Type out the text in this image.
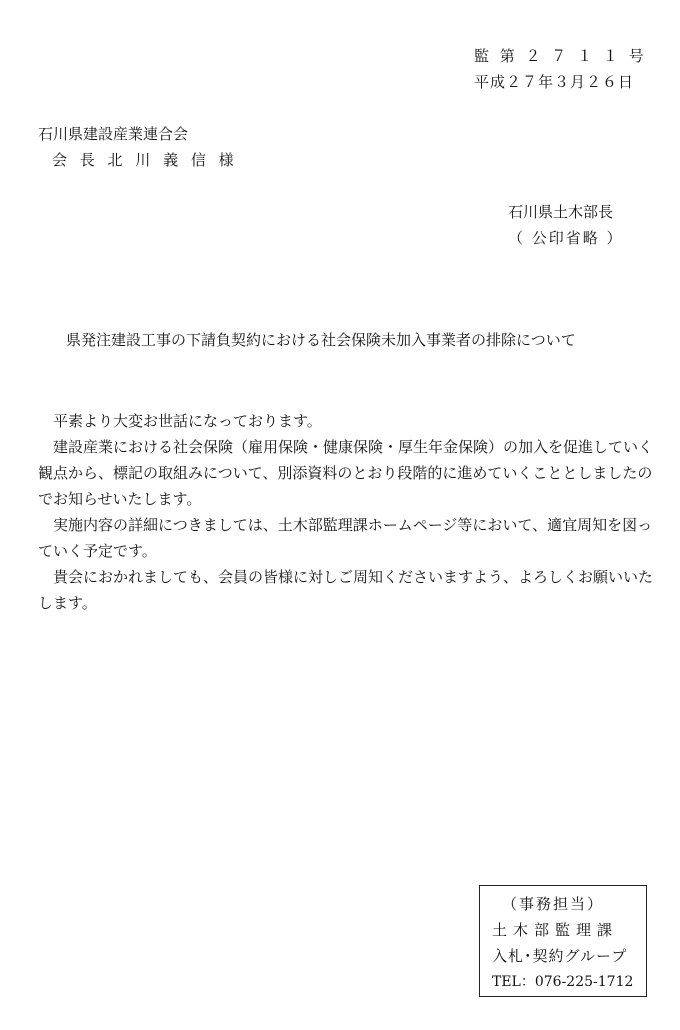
監 第 ２ ７ １ １ 号
平成２７年３月２６日
石川県建設産業連合会
会 長 北 川 義 信 様
石川県土木部長
（ 公印省略 ）
県発注建設工事の下請負契約における社会保険未加入事業者の排除について

平素より大変お世話になっております。

建設産業における社会保険（雇用保険・健康保険・厚生年金保険）の加入を促進していく観点から、標記の取組みについて、別添資料のとおり段階的に進めていくこととしましたのでお知らせいたします。

実施内容の詳細につきましては、土木部監理課ホームページ等において、適宜周知を図っていく予定です。

貴会におかれましても、会員の皆様に対しご周知くださいますよう、よろしくお願いいたします。

（事務担当）
土木部監理課
入札･契約グループ
TEL：076-225-1712
